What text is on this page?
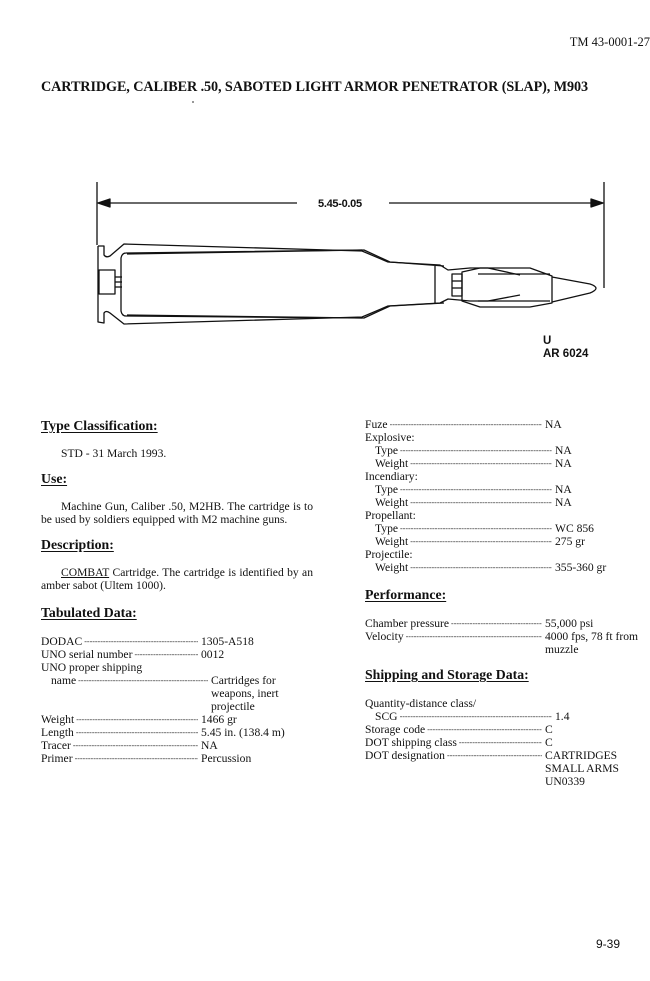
TM 43-0001-27
CARTRIDGE, CALIBER .50, SABOTED LIGHT ARMOR PENETRATOR (SLAP), M903
5.45-0.05
U
AR 6024
Type Classification:

STD - 31 March 1993.

Use:

Machine Gun, Caliber .50, M2HB. The cartridge is to be used by soldiers equipped with M2 machine guns.

Description:

COMBAT Cartridge. The cartridge is identified by an amber sabot (Ultem 1000).

Tabulated Data:
DODAC -----	1305-A518
UNO serial number -----	0012
UNO proper shipping
name -----	Cartridges for weapons, inert projectile
Weight -----	1466 gr
Length -----	5.45 in. (138.4 m)
Tracer -----	NA
Primer -----	Percussion
Fuze -----	NA
Explosive:
Type -----	NA
Weight -----	NA
Incendiary:
Type -----	NA
Weight -----	NA
Propellant:
Type -----	WC 856
Weight -----	275 gr
Projectile:
Weight -----	355-360 gr
Performance:
Chamber pressure -----	55,000 psi
Velocity -----	4000 fps, 78 ft from muzzle
Shipping and Storage Data:
Quantity-distance class/
SCG -----	1.4
Storage code -----	C
DOT shipping class -----	C
DOT designation -----	CARTRIDGES SMALL ARMS UN0339
9-39
